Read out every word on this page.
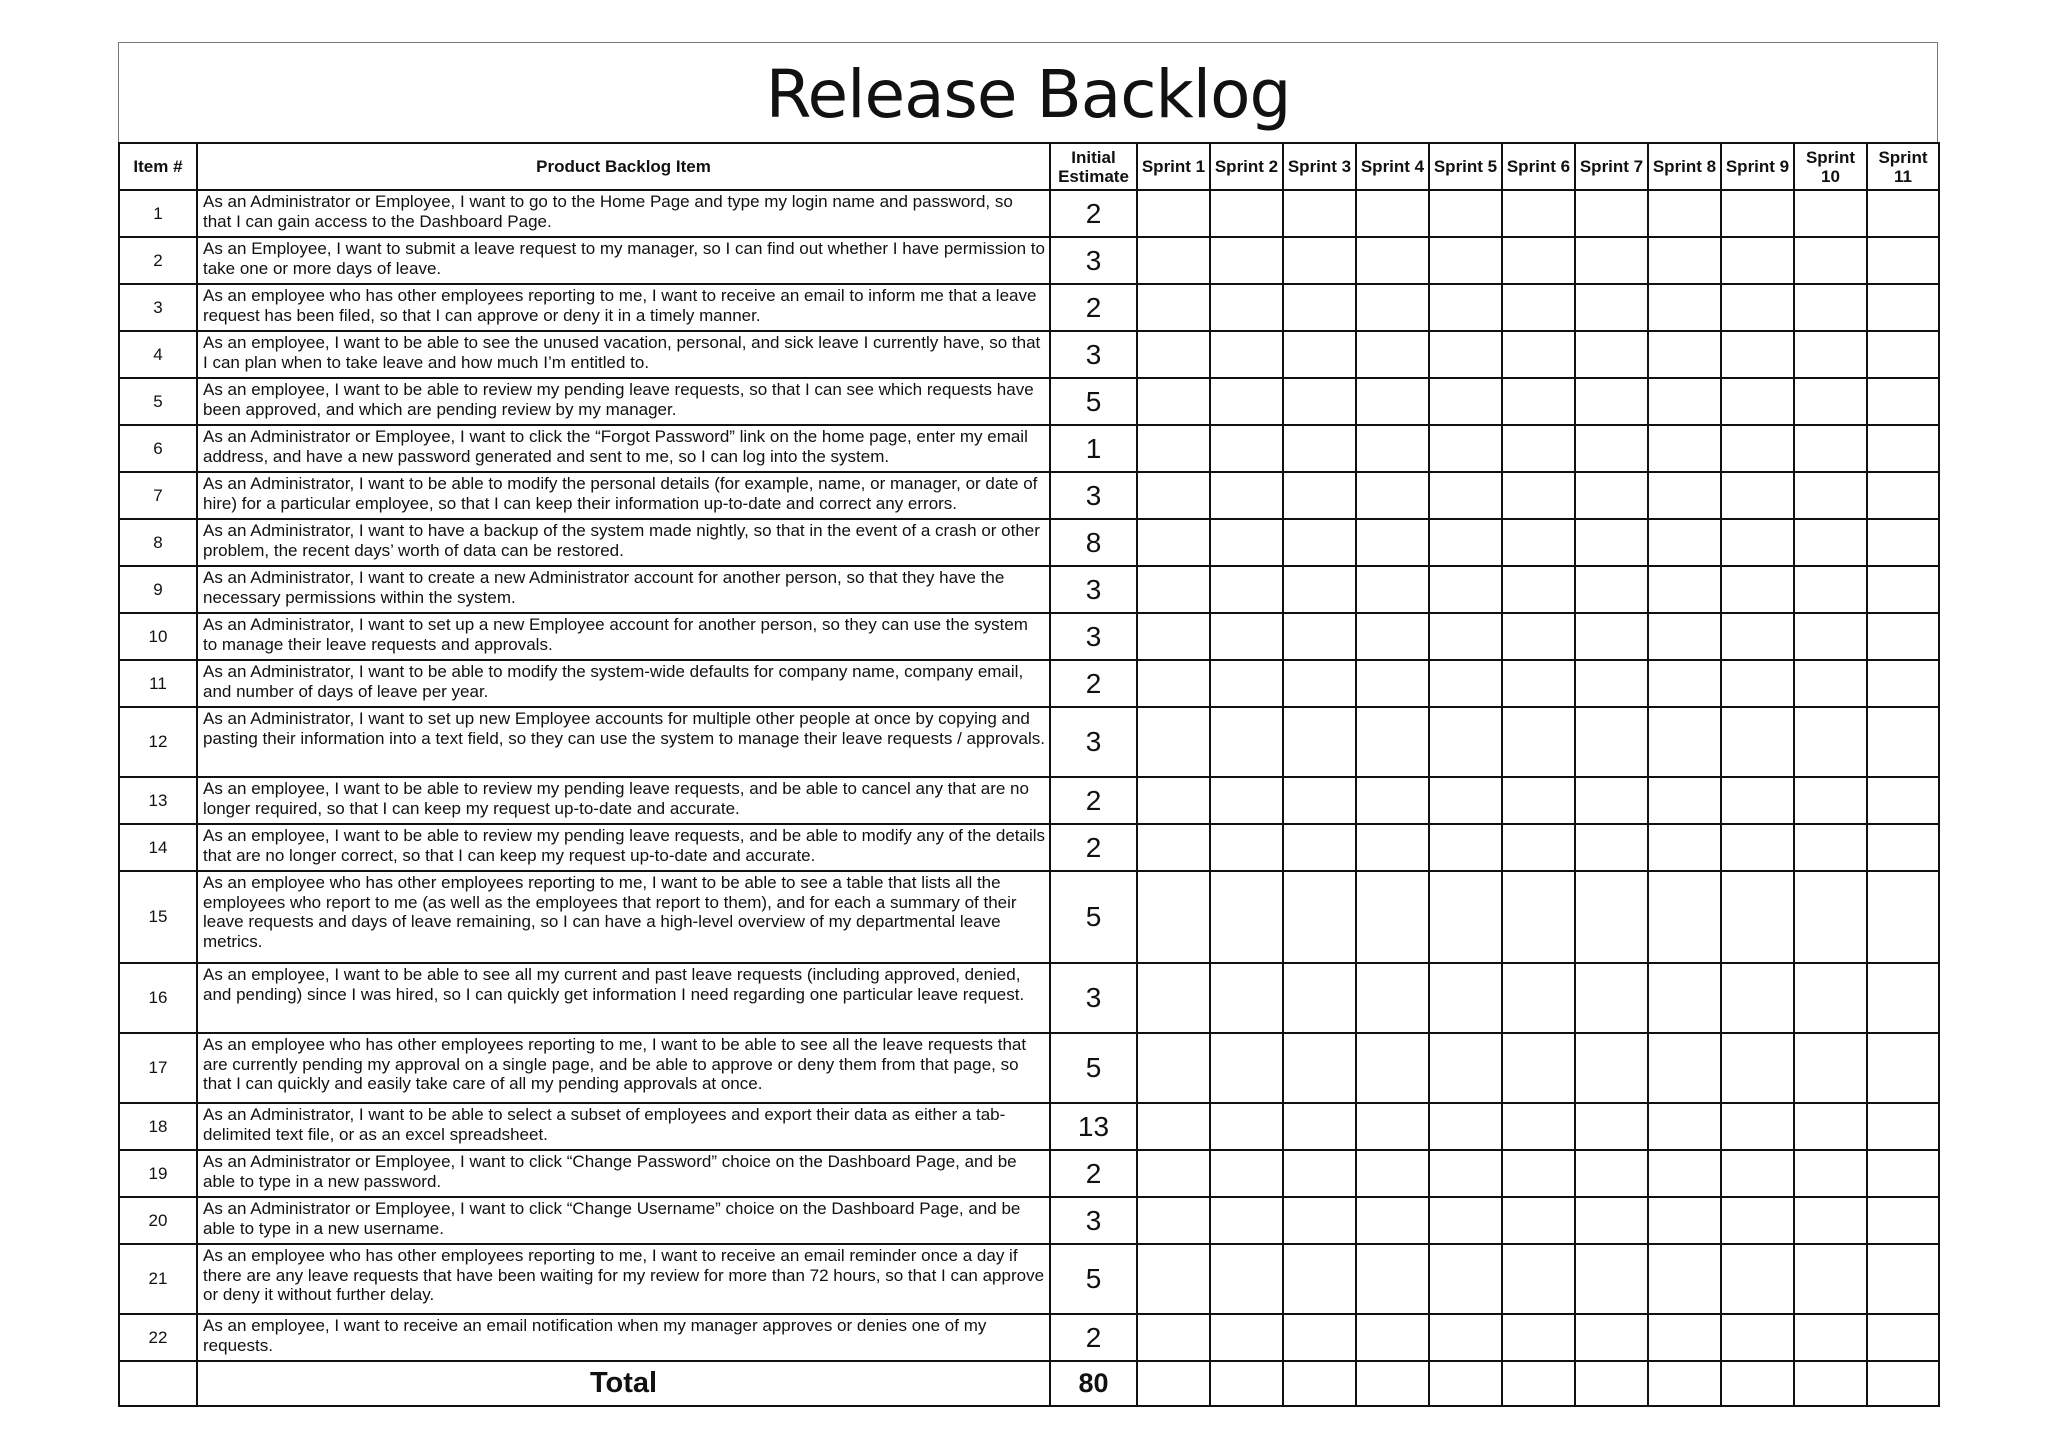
Release Backlog
Item #	Product Backlog Item	Initial Estimate	Sprint 1	Sprint 2	Sprint 3	Sprint 4	Sprint 5	Sprint 6	Sprint 7	Sprint 8	Sprint 9	Sprint 10	Sprint 11
1	As an Administrator or Employee, I want to go to the Home Page and type my login name and password, so that I can gain access to the Dashboard Page.	2											
2	As an Employee, I want to submit a leave request to my manager, so I can find out whether I have permission to take one or more days of leave.	3											
3	As an employee who has other employees reporting to me, I want to receive an email to inform me that a leave request has been filed, so that I can approve or deny it in a timely manner.	2											
4	As an employee, I want to be able to see the unused vacation, personal, and sick leave I currently have, so that I can plan when to take leave and how much I’m entitled to.	3											
5	As an employee, I want to be able to review my pending leave requests, so that I can see which requests have been approved, and which are pending review by my manager.	5											
6	As an Administrator or Employee, I want to click the “Forgot Password” link on the home page, enter my email address, and have a new password generated and sent to me, so I can log into the system.	1											
7	As an Administrator, I want to be able to modify the personal details (for example, name, or manager, or date of hire) for a particular employee, so that I can keep their information up-to-date and correct any errors.	3											
8	As an Administrator, I want to have a backup of the system made nightly, so that in the event of a crash or other problem, the recent days’ worth of data can be restored.	8											
9	As an Administrator, I want to create a new Administrator account for another person, so that they have the necessary permissions within the system.	3											
10	As an Administrator, I want to set up a new Employee account for another person, so they can use the system to manage their leave requests and approvals.	3											
11	As an Administrator, I want to be able to modify the system-wide defaults for company name, company email, and number of days of leave per year.	2											
12	As an Administrator, I want to set up new Employee accounts for multiple other people at once by copying and pasting their information into a text field, so they can use the system to manage their leave requests / approvals.	3											
13	As an employee, I want to be able to review my pending leave requests, and be able to cancel any that are no longer required, so that I can keep my request up-to-date and accurate.	2											
14	As an employee, I want to be able to review my pending leave requests, and be able to modify any of the details that are no longer correct, so that I can keep my request up-to-date and accurate.	2											
15	As an employee who has other employees reporting to me, I want to be able to see a table that lists all the employees who report to me (as well as the employees that report to them), and for each a summary of their leave requests and days of leave remaining, so I can have a high-level overview of my departmental leave metrics.	5											
16	As an employee, I want to be able to see all my current and past leave requests (including approved, denied, and pending) since I was hired, so I can quickly get information I need regarding one particular leave request.	3											
17	As an employee who has other employees reporting to me, I want to be able to see all the leave requests that are currently pending my approval on a single page, and be able to approve or deny them from that page, so that I can quickly and easily take care of all my pending approvals at once.	5											
18	As an Administrator, I want to be able to select a subset of employees and export their data as either a tab-delimited text file, or as an excel spreadsheet.	13											
19	As an Administrator or Employee, I want to click “Change Password” choice on the Dashboard Page, and be able to type in a new password.	2											
20	As an Administrator or Employee, I want to click “Change Username” choice on the Dashboard Page, and be able to type in a new username.	3											
21	As an employee who has other employees reporting to me, I want to receive an email reminder once a day if there are any leave requests that have been waiting for my review for more than 72 hours, so that I can approve or deny it without further delay.	5											
22	As an employee, I want to receive an email notification when my manager approves or denies one of my requests.	2											
	Total	80											
